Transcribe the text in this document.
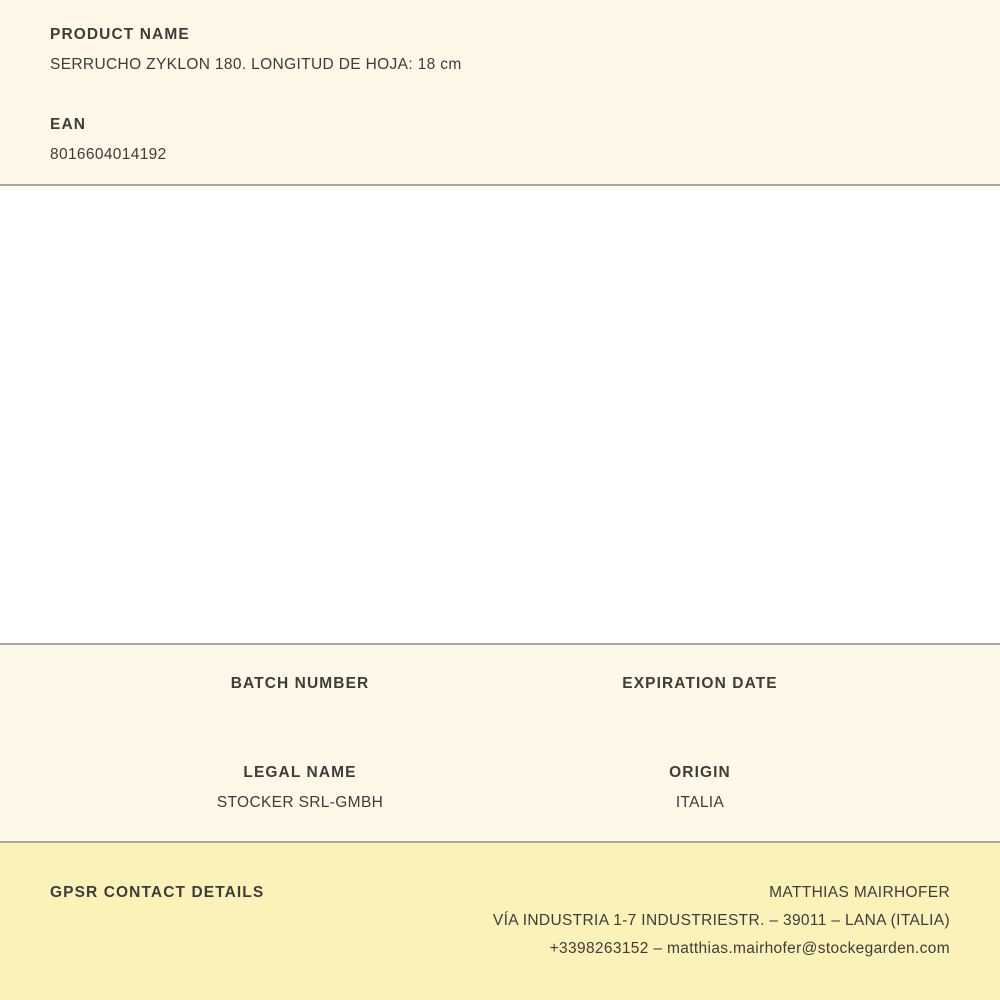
PRODUCT NAME
SERRUCHO ZYKLON 180. LONGITUD DE HOJA: 18 cm
EAN
8016604014192
BATCH NUMBER	EXPIRATION DATE
LEGAL NAME
STOCKER SRL-GMBH
ORIGIN
ITALIA
GPSR CONTACT DETAILS	MATTHIAS MAIRHOFER
VÍA INDUSTRIA 1-7 INDUSTRIESTR. – 39011 – LANA (ITALIA)
+3398263152 – matthias.mairhofer@stockegarden.com
